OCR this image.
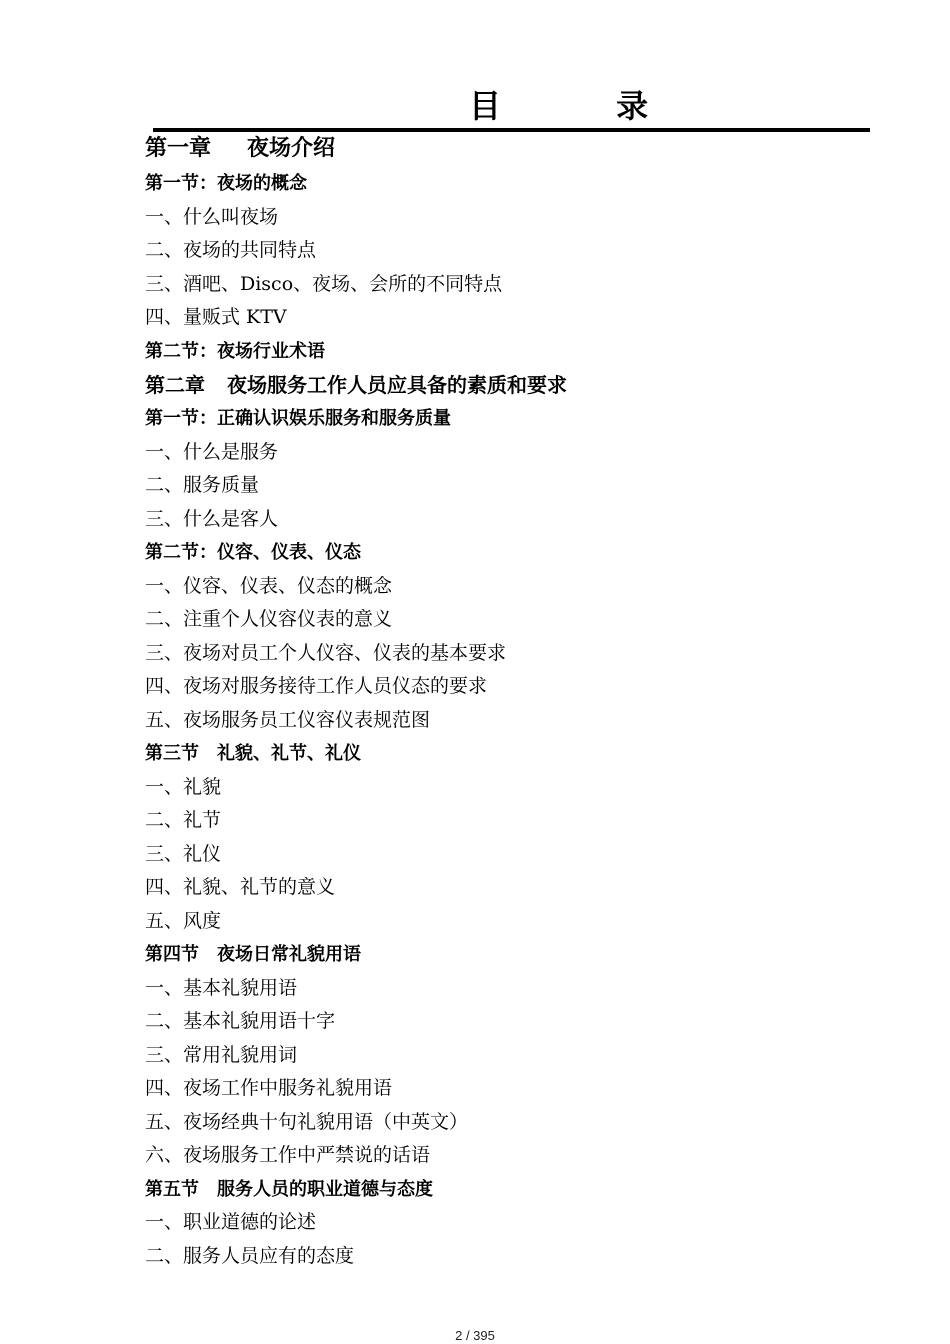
目 录
第一章 夜场介绍
第一节：夜场的概念
一、什么叫夜场
二、夜场的共同特点
三、酒吧、Disco、夜场、会所的不同特点
四、量贩式 KTV
第二节：夜场行业术语
第二章 夜场服务工作人员应具备的素质和要求
第一节：正确认识娱乐服务和服务质量
一、什么是服务
二、服务质量
三、什么是客人
第二节：仪容、仪表、仪态
一、仪容、仪表、仪态的概念
二、注重个人仪容仪表的意义
三、夜场对员工个人仪容、仪表的基本要求
四、夜场对服务接待工作人员仪态的要求
五、夜场服务员工仪容仪表规范图
第三节　礼貌、礼节、礼仪
一、礼貌
二、礼节
三、礼仪
四、礼貌、礼节的意义
五、风度
第四节　夜场日常礼貌用语
一、基本礼貌用语
二、基本礼貌用语十字
三、常用礼貌用词
四、夜场工作中服务礼貌用语
五、夜场经典十句礼貌用语（中英文）
六、夜场服务工作中严禁说的话语
第五节　服务人员的职业道德与态度
一、职业道德的论述
二、服务人员应有的态度
2 / 395
